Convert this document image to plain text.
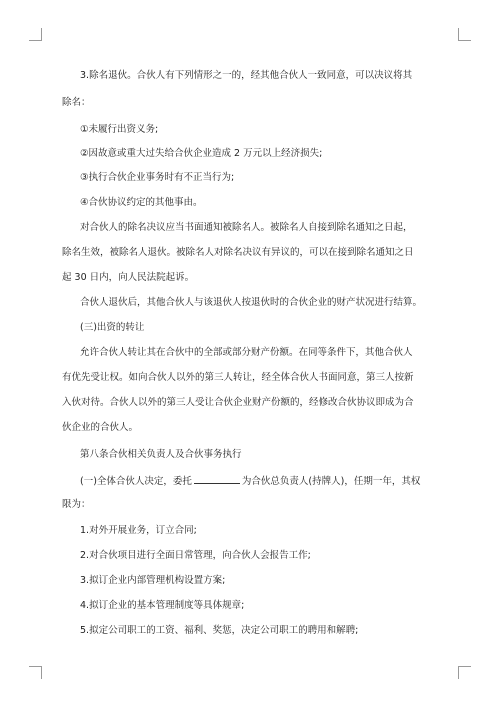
3.除名退伙。合伙人有下列情形之一的，经其他合伙人一致同意，可以决议将其
除名：
①未履行出资义务;
②因故意或重大过失给合伙企业造成 2 万元以上经济损失;
③执行合伙企业事务时有不正当行为;
④合伙协议约定的其他事由。
对合伙人的除名决议应当书面通知被除名人。被除名人自接到除名通知之日起，
除名生效，被除名人退伙。被除名人对除名决议有异议的，可以在接到除名通知之日
起 30 日内，向人民法院起诉。
合伙人退伙后，其他合伙人与该退伙人按退伙时的合伙企业的财产状况进行结算。
(三)出资的转让
允许合伙人转让其在合伙中的全部或部分财产份额。在同等条件下，其他合伙人
有优先受让权。如向合伙人以外的第三人转让，经全体合伙人书面同意，第三人按新
入伙对待。合伙人以外的第三人受让合伙企业财产份额的，经修改合伙协议即成为合
伙企业的合伙人。
第八条合伙相关负责人及合伙事务执行
(一)全体合伙人决定，委托	为合伙总负责人(持牌人)，任期一年，其权
限为：
1.对外开展业务，订立合同;
2.对合伙项目进行全面日常管理，向合伙人会报告工作;
3.拟订企业内部管理机构设置方案;
4.拟订企业的基本管理制度等具体规章;
5.拟定公司职工的工资、福利、奖惩，决定公司职工的聘用和解聘;
